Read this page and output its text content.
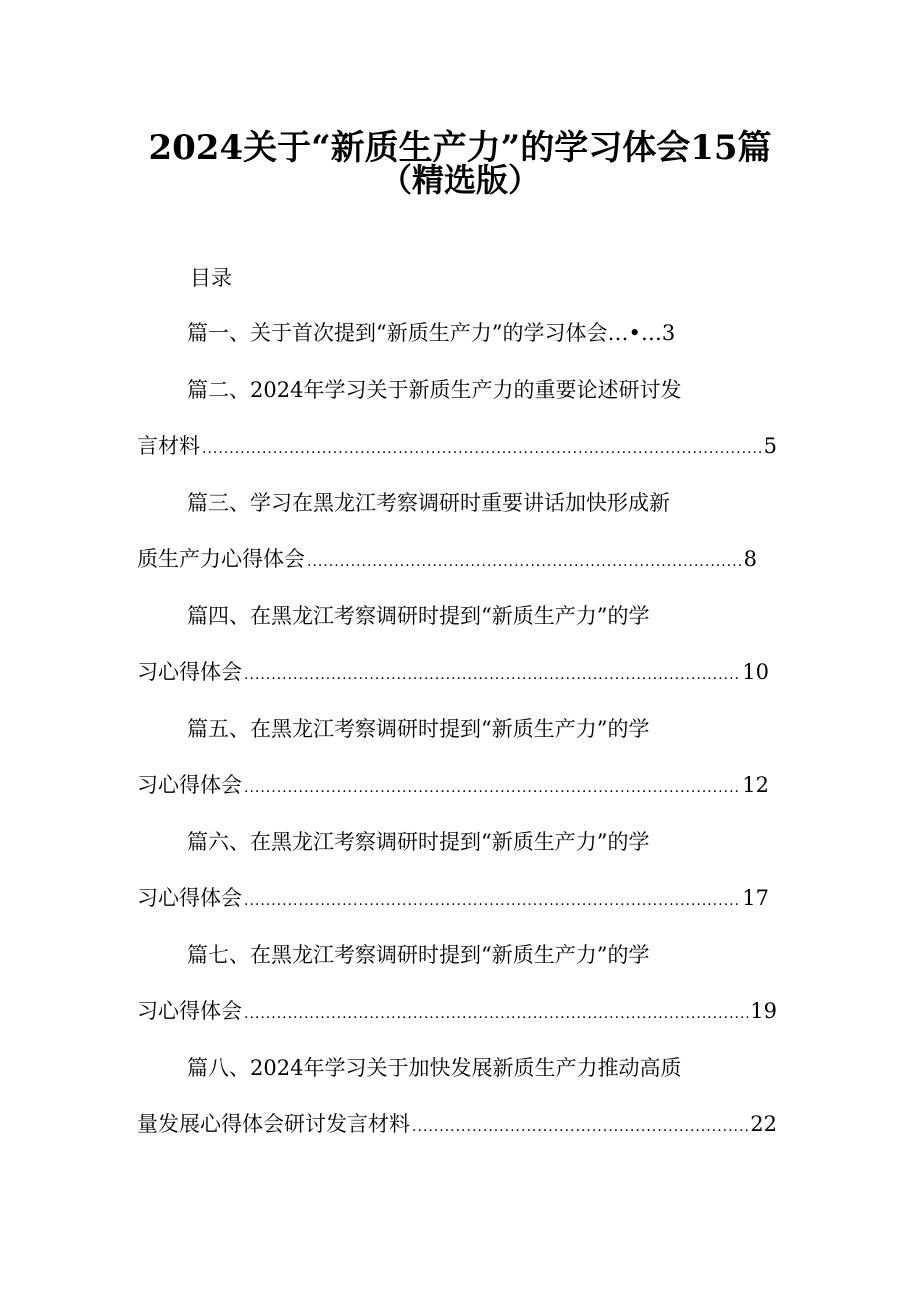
2024关于“新质生产力”的学习体会15篇
（精选版）
目录
篇一、关于首次提到“新质生产力”的学习体会…•…3
篇二、2024年学习关于新质生产力的重要论述研讨发
言材料 .....	5
篇三、学习在黑龙江考察调研时重要讲话加快形成新
质生产力心得体会 .....	8
篇四、在黑龙江考察调研时提到“新质生产力”的学
习心得体会 .....	10
篇五、在黑龙江考察调研时提到“新质生产力”的学
习心得体会 .....	12
篇六、在黑龙江考察调研时提到“新质生产力”的学
习心得体会 .....	17
篇七、在黑龙江考察调研时提到“新质生产力”的学
习心得体会 .....	19
篇八、2024年学习关于加快发展新质生产力推动高质
量发展心得体会研讨发言材料 .....	22
